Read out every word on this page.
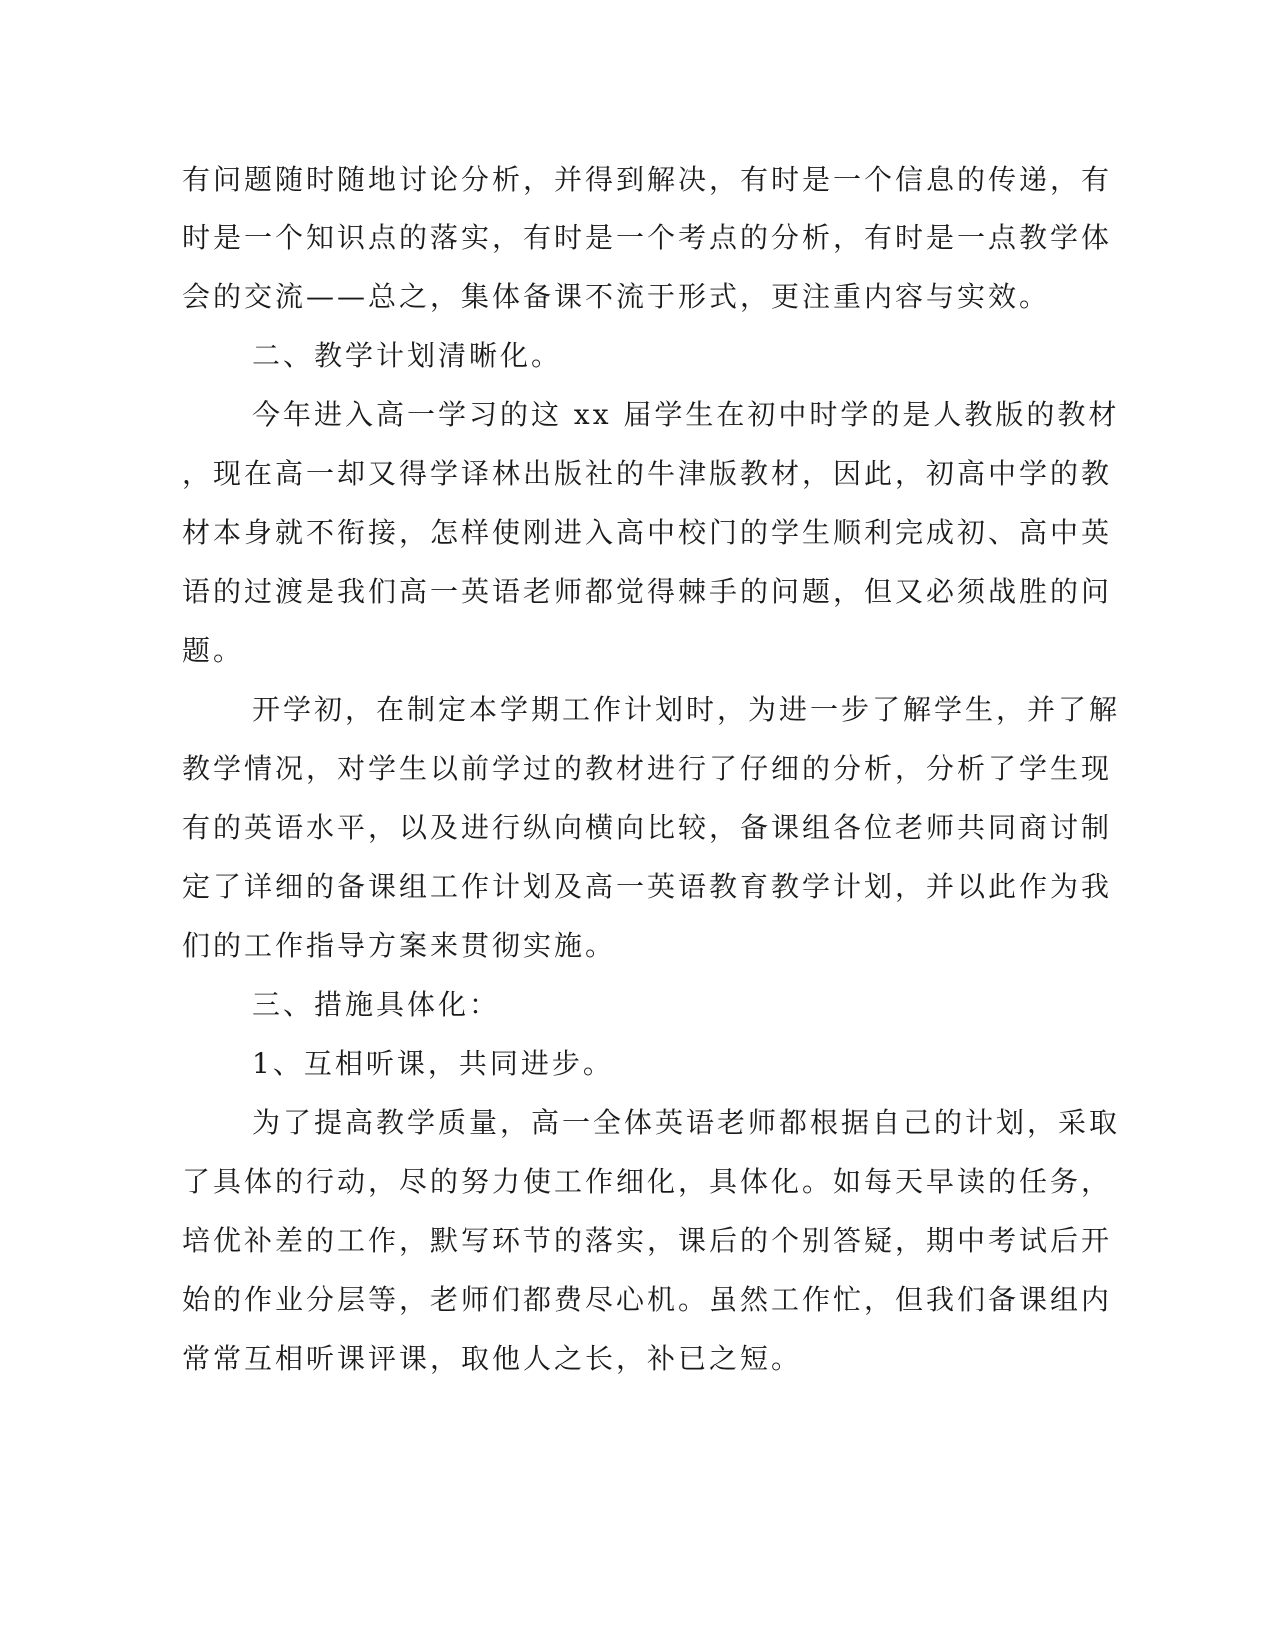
有问题随时随地讨论分析，并得到解决，有时是一个信息的传递，有
时是一个知识点的落实，有时是一个考点的分析，有时是一点教学体
会的交流——总之，集体备课不流于形式，更注重内容与实效。
二、教学计划清晰化。
今年进入高一学习的这 xx 届学生在初中时学的是人教版的教材
，现在高一却又得学译林出版社的牛津版教材，因此，初高中学的教
材本身就不衔接，怎样使刚进入高中校门的学生顺利完成初、高中英
语的过渡是我们高一英语老师都觉得棘手的问题，但又必须战胜的问
题。
开学初，在制定本学期工作计划时，为进一步了解学生，并了解
教学情况，对学生以前学过的教材进行了仔细的分析，分析了学生现
有的英语水平，以及进行纵向横向比较，备课组各位老师共同商讨制
定了详细的备课组工作计划及高一英语教育教学计划，并以此作为我
们的工作指导方案来贯彻实施。
三、措施具体化：
1、互相听课，共同进步。
为了提高教学质量，高一全体英语老师都根据自己的计划，采取
了具体的行动，尽的努力使工作细化，具体化。如每天早读的任务，
培优补差的工作，默写环节的落实，课后的个别答疑，期中考试后开
始的作业分层等，老师们都费尽心机。虽然工作忙，但我们备课组内
常常互相听课评课，取他人之长，补已之短。
